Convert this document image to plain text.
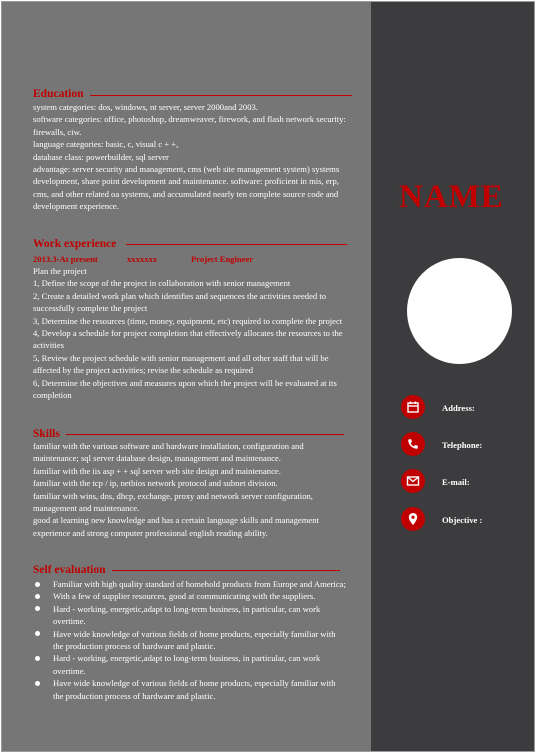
Education

system categories: dos, windows, nt server, server 2000and 2003.

software categories: office, photoshop, dreamweaver, firework, and flash network security: firewalls, ciw.

language categories: basic, c, visual c + +,

database class: powerbuilder, sql server

advantage: server security and management, cms (web site management system) systems development, share point development and maintenance. software: proficient in mis, erp, cms, and other related oa systems, and accumulated nearly ten complete source code and development experience.

Work experience
2013.3-At present	xxxxxxx	Project Engineer

Plan the project

1, Define the scope of the project in collaboration with senior management

2, Create a detailed work plan which identifies and sequences the activities needed to successfully complete the project

3, Determine the resources (time, money, equipment, etc) required to complete the project

4, Develop a schedule for project completion that effectively allocates the resources to the activities

5, Review the project schedule with senior management and all other staff that will be affected by the project activities; revise the schedule as required

6, Determine the objectives and measures upon which the project will be evaluated at its completion

Skills

familiar with the various software and hardware installation, configuration and maintenance; sql server database design, management and maintenance.

familiar with the iis asp + + sql server web site design and maintenance.

familiar with the tcp / ip, netbios network protocol and subnet division.

familiar with wins, dns, dhcp, exchange, proxy and network server configuration, management and maintenance.

good at learning new knowledge and has a certain language skills and management experience and strong computer professional english reading ability.

Self evaluation
Familiar with high quality standard of homehold products from Europe and America;
With a few of supplier resources, good at communicating with the suppliers.
Hard - working, energetic,adapt to long-term business, in particular, can work overtime.
Have wide knowledge of various fields of home products, especially familiar with the production process of hardware and plastic.
Hard - working, energetic,adapt to long-term business, in particular, can work overtime.
Have wide knowledge of various fields of home products, especially familiar with the production process of hardware and plastic.
NAME
Address:
Telephone:
E-mail:
Objective :
